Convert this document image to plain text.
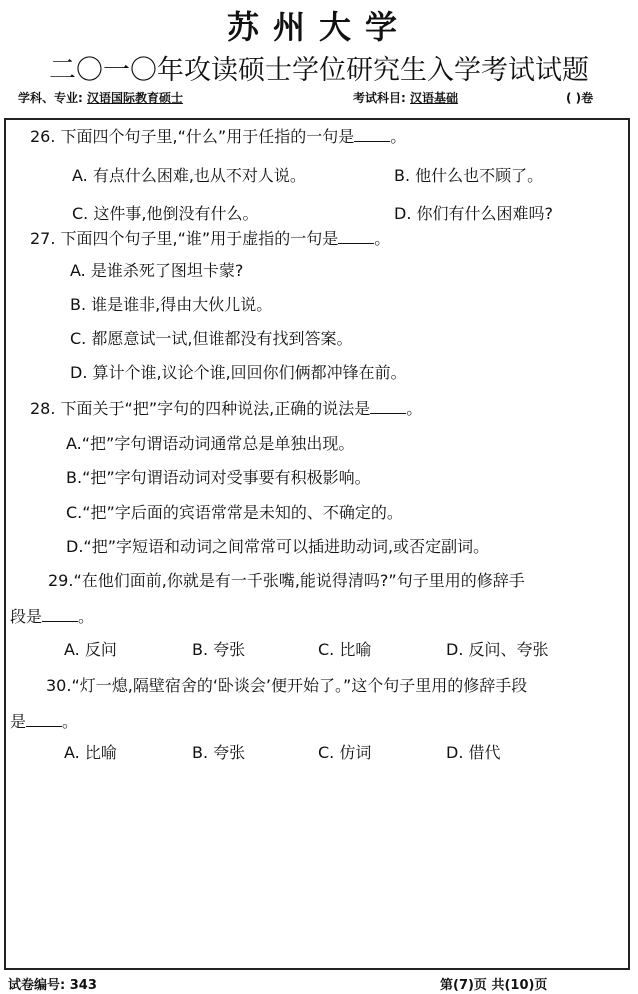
苏州大学
二〇一〇年攻读硕士学位研究生入学考试试题
学科、专业: 汉语国际教育硕士	考试科目: 汉语基础	( )卷
26. 下面四个句子里,“什么”用于任指的一句是 。
A. 有点什么困难,也从不对人说。	B. 他什么也不顾了。
C. 这件事,他倒没有什么。	D. 你们有什么困难吗?
27. 下面四个句子里,“谁”用于虚指的一句是 。
A. 是谁杀死了图坦卡蒙?
B. 谁是谁非,得由大伙儿说。
C. 都愿意试一试,但谁都没有找到答案。
D. 算计个谁,议论个谁,回回你们俩都冲锋在前。
28. 下面关于“把”字句的四种说法,正确的说法是 。
A.“把”字句谓语动词通常总是单独出现。
B.“把”字句谓语动词对受事要有积极影响。
C.“把”字后面的宾语常常是未知的、不确定的。
D.“把”字短语和动词之间常常可以插进助动词,或否定副词。
29.“在他们面前,你就是有一千张嘴,能说得清吗?”句子里用的修辞手
段是 。
A. 反问	B. 夸张	C. 比喻	D. 反问、夸张
30.“灯一熄,隔壁宿舍的‘卧谈会’便开始了。”这个句子里用的修辞手段
是 。
A. 比喻	B. 夸张	C. 仿词	D. 借代
试卷编号: 343	第(7)页 共(10)页
